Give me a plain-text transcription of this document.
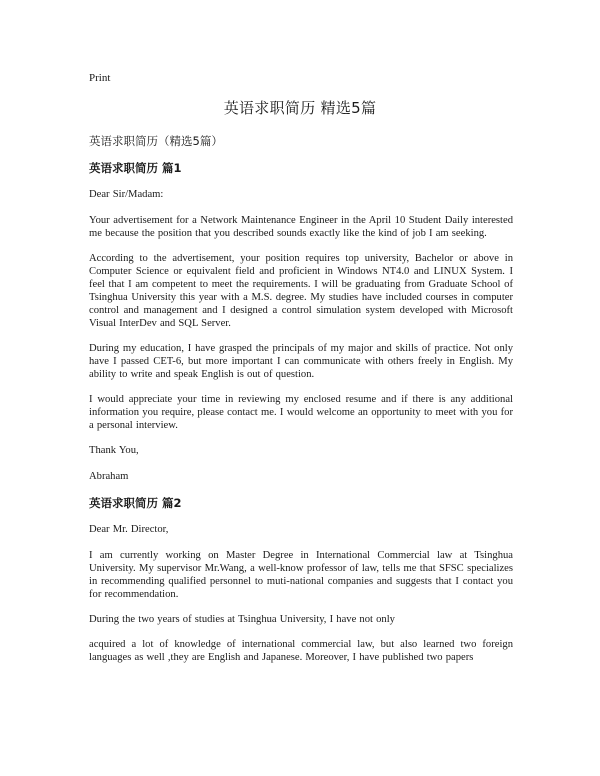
Print
英语求职简历 精选5篇
英语求职简历（精选5篇）
英语求职简历 篇1

Dear Sir/Madam:

Your advertisement for a Network Maintenance Engineer in the April 10 Student Daily interested me because the position that you described sounds exactly like the kind of job I am seeking.

According to the advertisement, your position requires top university, Bachelor or above in Computer Science or equivalent field and proficient in Windows NT4.0 and LINUX System. I feel that I am competent to meet the requirements. I will be graduating from Graduate School of Tsinghua University this year with a M.S. degree. My studies have included courses in computer control and management and I designed a control simulation system developed with Microsoft Visual InterDev and SQL Server.

During my education, I have grasped the principals of my major and skills of practice. Not only have I passed CET-6, but more important I can communicate with others freely in English. My ability to write and speak English is out of question.

I would appreciate your time in reviewing my enclosed resume and if there is any additional information you require, please contact me. I would welcome an opportunity to meet with you for a personal interview.

Thank You,

Abraham

英语求职简历 篇2

Dear Mr. Director,

I am currently working on Master Degree in International Commercial law at Tsinghua University. My supervisor Mr.Wang, a well-know professor of law, tells me that SFSC specializes in recommending qualified personnel to muti-national companies and suggests that I contact you for recommendation.

During the two years of studies at Tsinghua University, I have not only

acquired a lot of knowledge of international commercial law, but also learned two foreign languages as well ,they are English and Japanese. Moreover, I have published two papers
